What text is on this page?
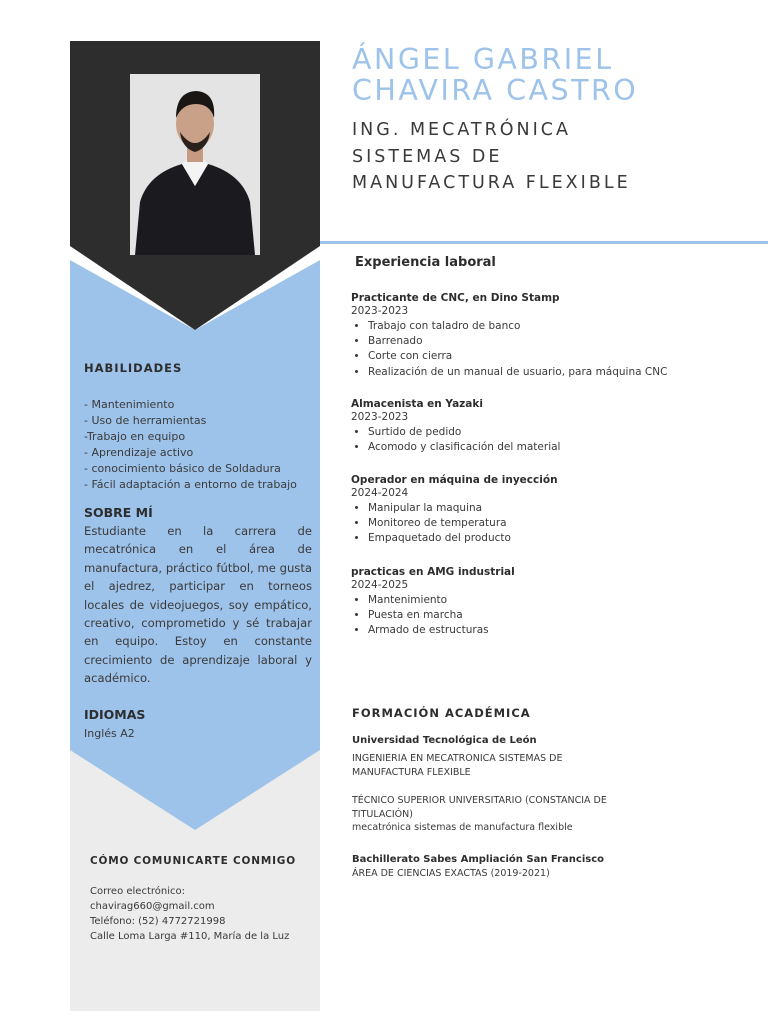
HABILIDADES
- Mantenimiento
- Uso de herramientas
-Trabajo en equipo
- Aprendizaje activo
- conocimiento básico de Soldadura
- Fácil adaptación a entorno de trabajo
SOBRE MÍ
Estudiante en la carrera de mecatrónica en el área de manufactura, práctico fútbol, me gusta el ajedrez, participar en torneos locales de videojuegos, soy empático, creativo, comprometido y sé trabajar en equipo. Estoy en constante crecimiento de aprendizaje laboral y académico.
IDIOMAS
Inglés A2
CÓMO COMUNICARTE CONMIGO

Correo electrónico:

chavirag660@gmail.com

Teléfono: (52) 4772721998

Calle Loma Larga #110, María de la Luz

ÁNGEL GABRIEL
CHAVIRA CASTRO
ING. MECATRÓNICA
SISTEMAS DE
MANUFACTURA FLEXIBLE
Experiencia laboral
Practicante de CNC, en Dino Stamp
2023-2023
• Trabajo con taladro de banco
• Barrenado
• Corte con cierra
• Realización de un manual de usuario, para máquina CNC
Almacenista en Yazaki
2023-2023
• Surtido de pedido
• Acomodo y clasificación del material
Operador en máquina de inyección
2024-2024
• Manipular la maquina
• Monitoreo de temperatura
• Empaquetado del producto
practicas en AMG industrial
2024-2025
• Mantenimiento
• Puesta en marcha
• Armado de estructuras
FORMACIÓN ACADÉMICA
Universidad Tecnológica de León

INGENIERIA EN MECATRONICA SISTEMAS DE

MANUFACTURA FLEXIBLE

TÉCNICO SUPERIOR UNIVERSITARIO (CONSTANCIA DE

TITULACIÓN)

mecatrónica sistemas de manufactura flexible

Bachillerato Sabes Ampliación San Francisco

ÁREA DE CIENCIAS EXACTAS (2019-2021)
